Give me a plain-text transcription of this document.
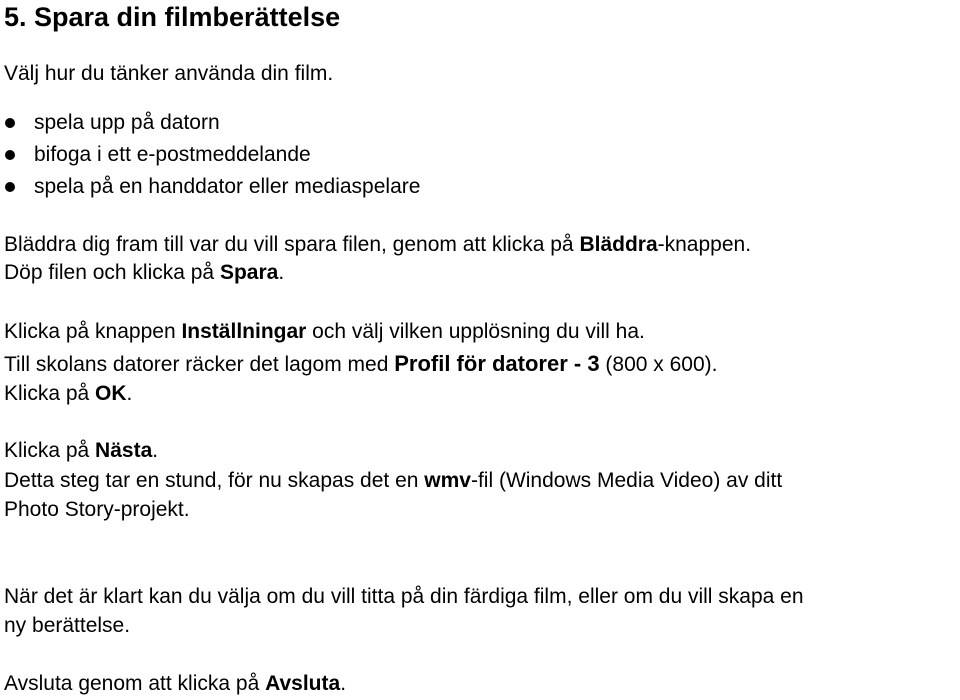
5. Spara din filmberättelse

Välj hur du tänker använda din film.

spela upp på datorn
bifoga i ett e-postmeddelande
spela på en handdator eller mediaspelare

Bläddra dig fram till var du vill spara filen, genom att klicka på Bläddra-knappen.

Döp filen och klicka på Spara.

Klicka på knappen Inställningar och välj vilken upplösning du vill ha.

Till skolans datorer räcker det lagom med Profil för datorer - 3 (800 x 600).

Klicka på OK.

Klicka på Nästa.

Detta steg tar en stund, för nu skapas det en wmv-fil (Windows Media Video) av ditt

Photo Story-projekt.

När det är klart kan du välja om du vill titta på din färdiga film, eller om du vill skapa en

ny berättelse.

Avsluta genom att klicka på Avsluta.
